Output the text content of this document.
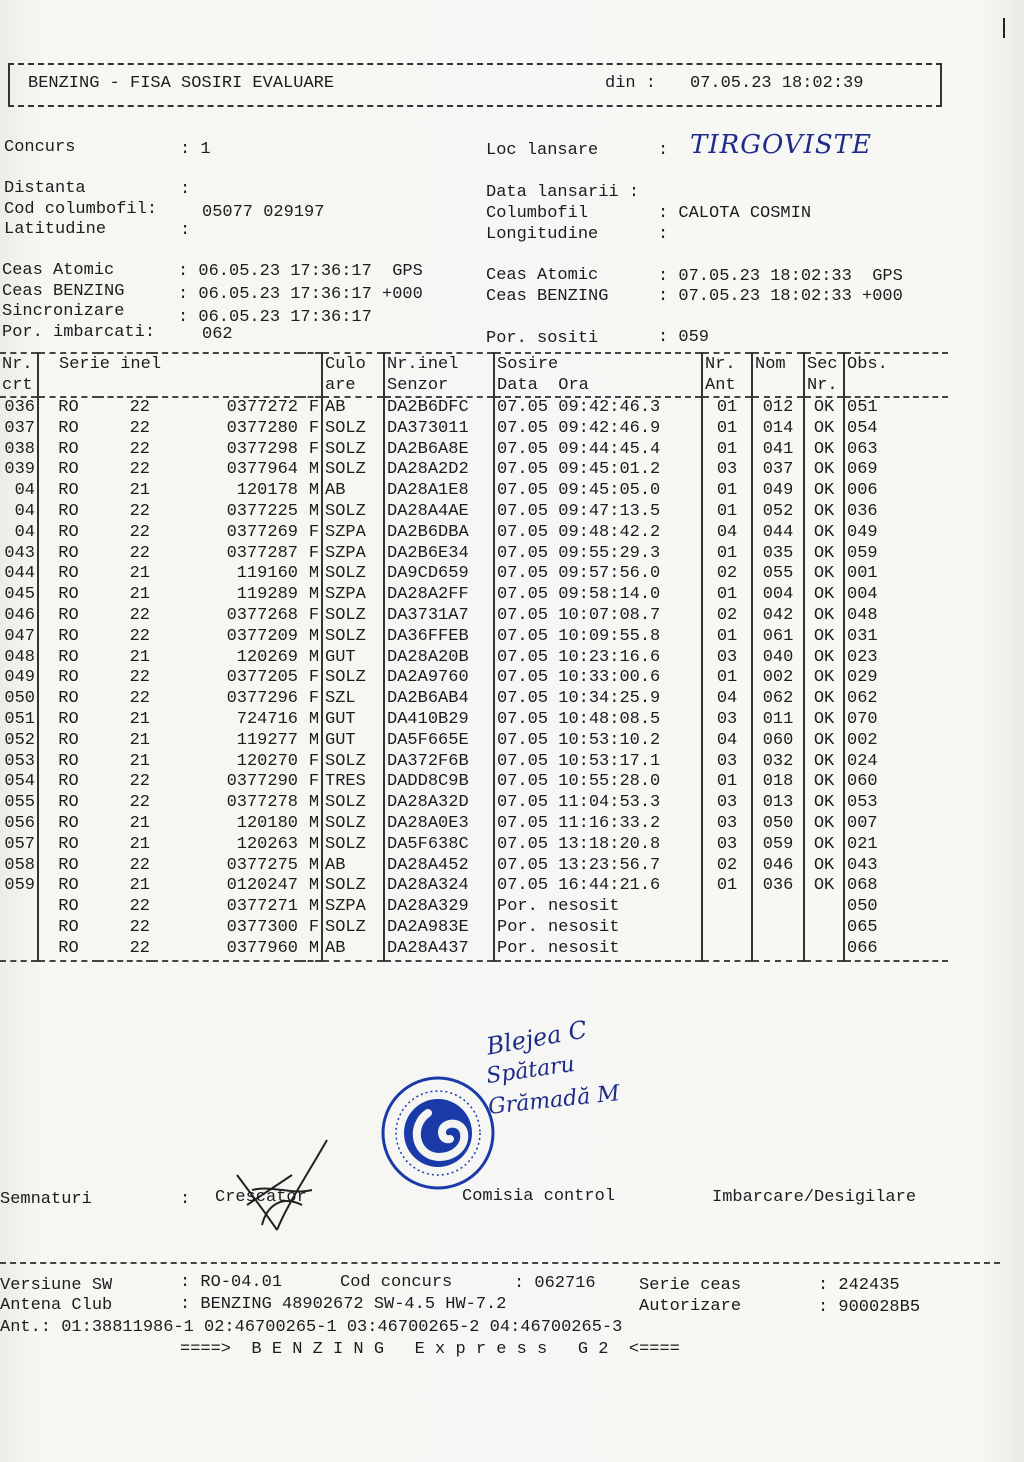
BENZING - FISA SOSIRI EVALUARE	din : 07.05.23 18:02:39
Concurs	: 1	Loc lansare	: TIRGOVISTE
Distanta	:	Data lansarii :
Cod columbofil:	05077 029197	Columbofil	: CALOTA COSMIN
Latitudine	:	Longitudine	:
Ceas Atomic	: 06.05.23 17:36:17  GPS	Ceas Atomic	: 07.05.23 18:02:33  GPS
Ceas BENZING	: 06.05.23 17:36:17 +000	Ceas BENZING	: 07.05.23 18:02:33 +000
Sincronizare	: 06.05.23 17:36:17
Por. imbarcati:	062	Por. sositi	: 059
Nr.	Serie inel				Culo	Nr.inel	Sosire	Nr.	Nom	Sec	Obs.
crt					are	Senzor	Data  Ora	Ant		Nr.	
036	RO	22	0377272	F	AB	DA2B6DFC	07.05 09:42:46.3	01	012	OK	051
037	RO	22	0377280	F	SOLZ	DA373011	07.05 09:42:46.9	01	014	OK	054
038	RO	22	0377298	F	SOLZ	DA2B6A8E	07.05 09:44:45.4	01	041	OK	063
039	RO	22	0377964	M	SOLZ	DA28A2D2	07.05 09:45:01.2	03	037	OK	069
04	RO	21	120178	M	AB	DA28A1E8	07.05 09:45:05.0	01	049	OK	006
04	RO	22	0377225	M	SOLZ	DA28A4AE	07.05 09:47:13.5	01	052	OK	036
04	RO	22	0377269	F	SZPA	DA2B6DBA	07.05 09:48:42.2	04	044	OK	049
043	RO	22	0377287	F	SZPA	DA2B6E34	07.05 09:55:29.3	01	035	OK	059
044	RO	21	119160	M	SOLZ	DA9CD659	07.05 09:57:56.0	02	055	OK	001
045	RO	21	119289	M	SZPA	DA28A2FF	07.05 09:58:14.0	01	004	OK	004
046	RO	22	0377268	F	SOLZ	DA3731A7	07.05 10:07:08.7	02	042	OK	048
047	RO	22	0377209	M	SOLZ	DA36FFEB	07.05 10:09:55.8	01	061	OK	031
048	RO	21	120269	M	GUT	DA28A20B	07.05 10:23:16.6	03	040	OK	023
049	RO	22	0377205	F	SOLZ	DA2A9760	07.05 10:33:00.6	01	002	OK	029
050	RO	22	0377296	F	SZL	DA2B6AB4	07.05 10:34:25.9	04	062	OK	062
051	RO	21	724716	M	GUT	DA410B29	07.05 10:48:08.5	03	011	OK	070
052	RO	21	119277	M	GUT	DA5F665E	07.05 10:53:10.2	04	060	OK	002
053	RO	21	120270	F	SOLZ	DA372F6B	07.05 10:53:17.1	03	032	OK	024
054	RO	22	0377290	F	TRES	DADD8C9B	07.05 10:55:28.0	01	018	OK	060
055	RO	22	0377278	M	SOLZ	DA28A32D	07.05 11:04:53.3	03	013	OK	053
056	RO	21	120180	M	SOLZ	DA28A0E3	07.05 11:16:33.2	03	050	OK	007
057	RO	21	120263	M	SOLZ	DA5F638C	07.05 13:18:20.8	03	059	OK	021
058	RO	22	0377275	M	AB	DA28A452	07.05 13:23:56.7	02	046	OK	043
059	RO	21	0120247	M	SOLZ	DA28A324	07.05 16:44:21.6	01	036	OK	068
	RO	22	0377271	M	SZPA	DA28A329	Por. nesosit				050
	RO	22	0377300	F	SOLZ	DA2A983E	Por. nesosit				065
	RO	22	0377960	M	AB	DA28A437	Por. nesosit				066
Blejea C
Spătaru
Grămadă M
Semnaturi	: Crescator	Comisia control	Imbarcare/Desigilare
Versiune SW	: RO-04.01	Cod concurs	: 062716	Serie ceas	: 242435
Antena Club	: BENZING 48902672 SW-4.5 HW-7.2	Autorizare	: 900028B5
Ant.: 01:38811986-1 02:46700265-1 03:46700265-2 04:46700265-3
====>  B E N Z I N G   E x p r e s s   G 2  <====
